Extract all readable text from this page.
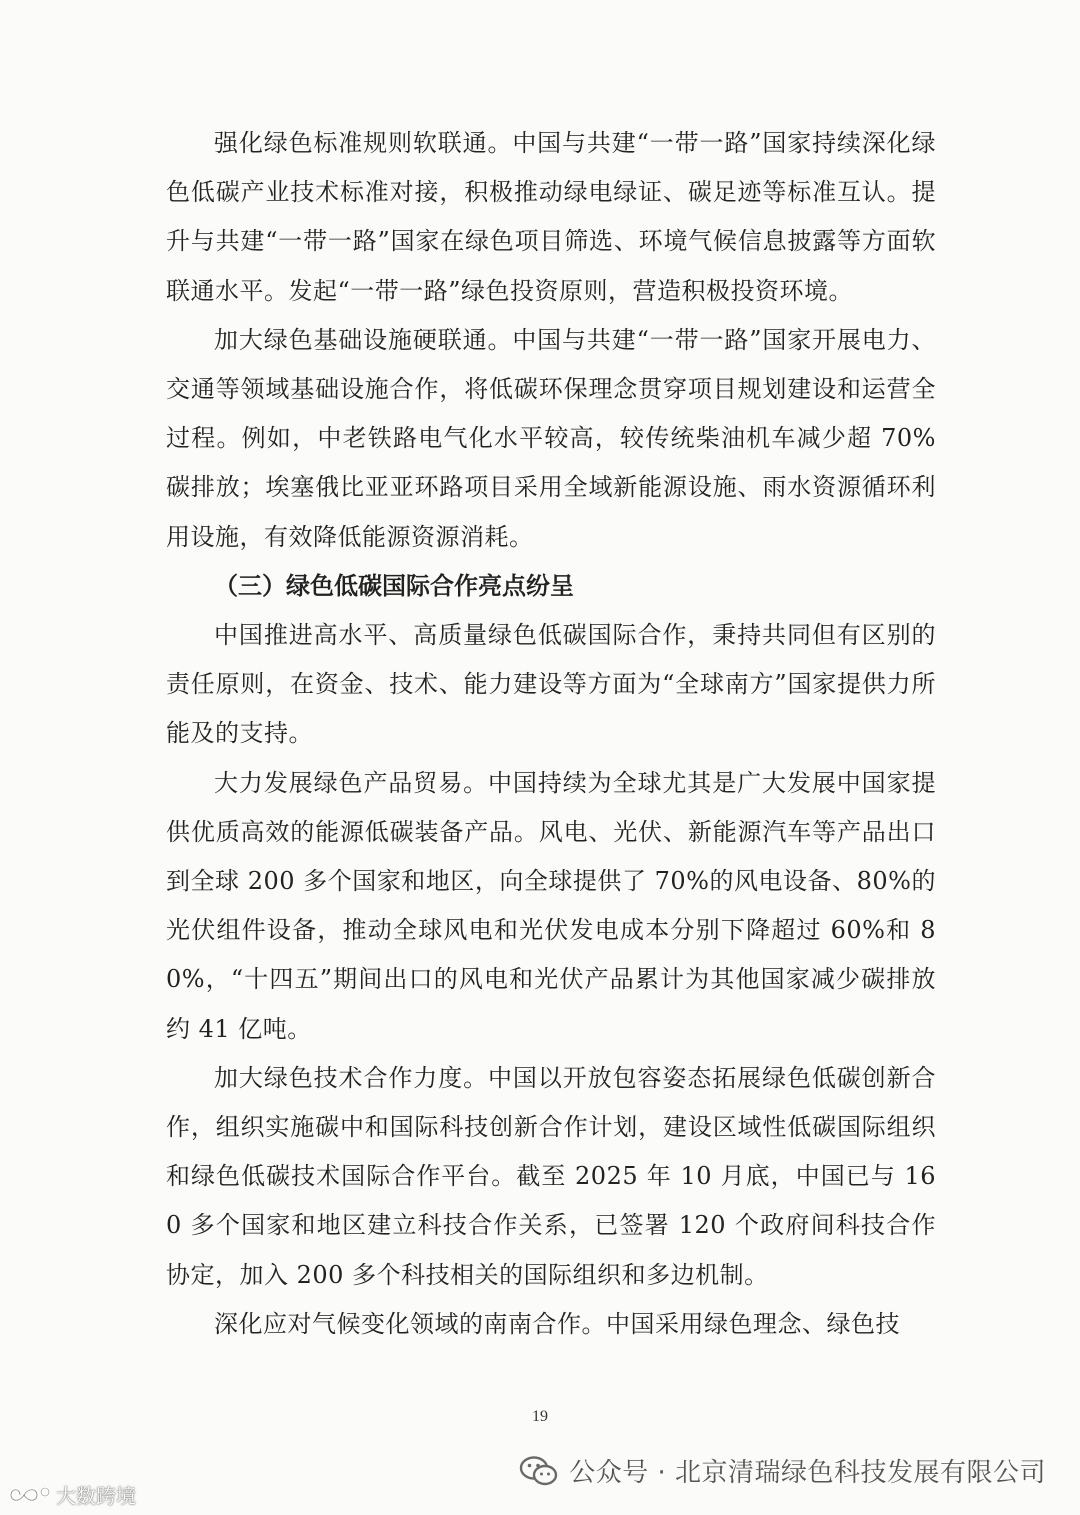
强化绿色标准规则软联通。中国与共建“一带一路”国家持续深化绿色低碳产业技术标准对接，积极推动绿电绿证、碳足迹等标准互认。提升与共建“一带一路”国家在绿色项目筛选、环境气候信息披露等方面软联通水平。发起“一带一路”绿色投资原则，营造积极投资环境。

加大绿色基础设施硬联通。中国与共建“一带一路”国家开展电力、交通等领域基础设施合作，将低碳环保理念贯穿项目规划建设和运营全过程。例如，中老铁路电气化水平较高，较传统柴油机车减少超 70%碳排放；埃塞俄比亚亚环路项目采用全域新能源设施、雨水资源循环利用设施，有效降低能源资源消耗。

（三）绿色低碳国际合作亮点纷呈

中国推进高水平、高质量绿色低碳国际合作，秉持共同但有区别的责任原则，在资金、技术、能力建设等方面为“全球南方”国家提供力所能及的支持。

大力发展绿色产品贸易。中国持续为全球尤其是广大发展中国家提供优质高效的能源低碳装备产品。风电、光伏、新能源汽车等产品出口到全球 200 多个国家和地区，向全球提供了 70%的风电设备、80%的光伏组件设备，推动全球风电和光伏发电成本分别下降超过 60%和 80%，“十四五”期间出口的风电和光伏产品累计为其他国家减少碳排放约 41 亿吨。

加大绿色技术合作力度。中国以开放包容姿态拓展绿色低碳创新合作，组织实施碳中和国际科技创新合作计划，建设区域性低碳国际组织和绿色低碳技术国际合作平台。截至 2025 年 10 月底，中国已与 160 多个国家和地区建立科技合作关系，已签署 120 个政府间科技合作协定，加入 200 多个科技相关的国际组织和多边机制。

深化应对气候变化领域的南南合作。中国采用绿色理念、绿色技

19
公众号 · 北京清瑞绿色科技发展有限公司
大数跨境
